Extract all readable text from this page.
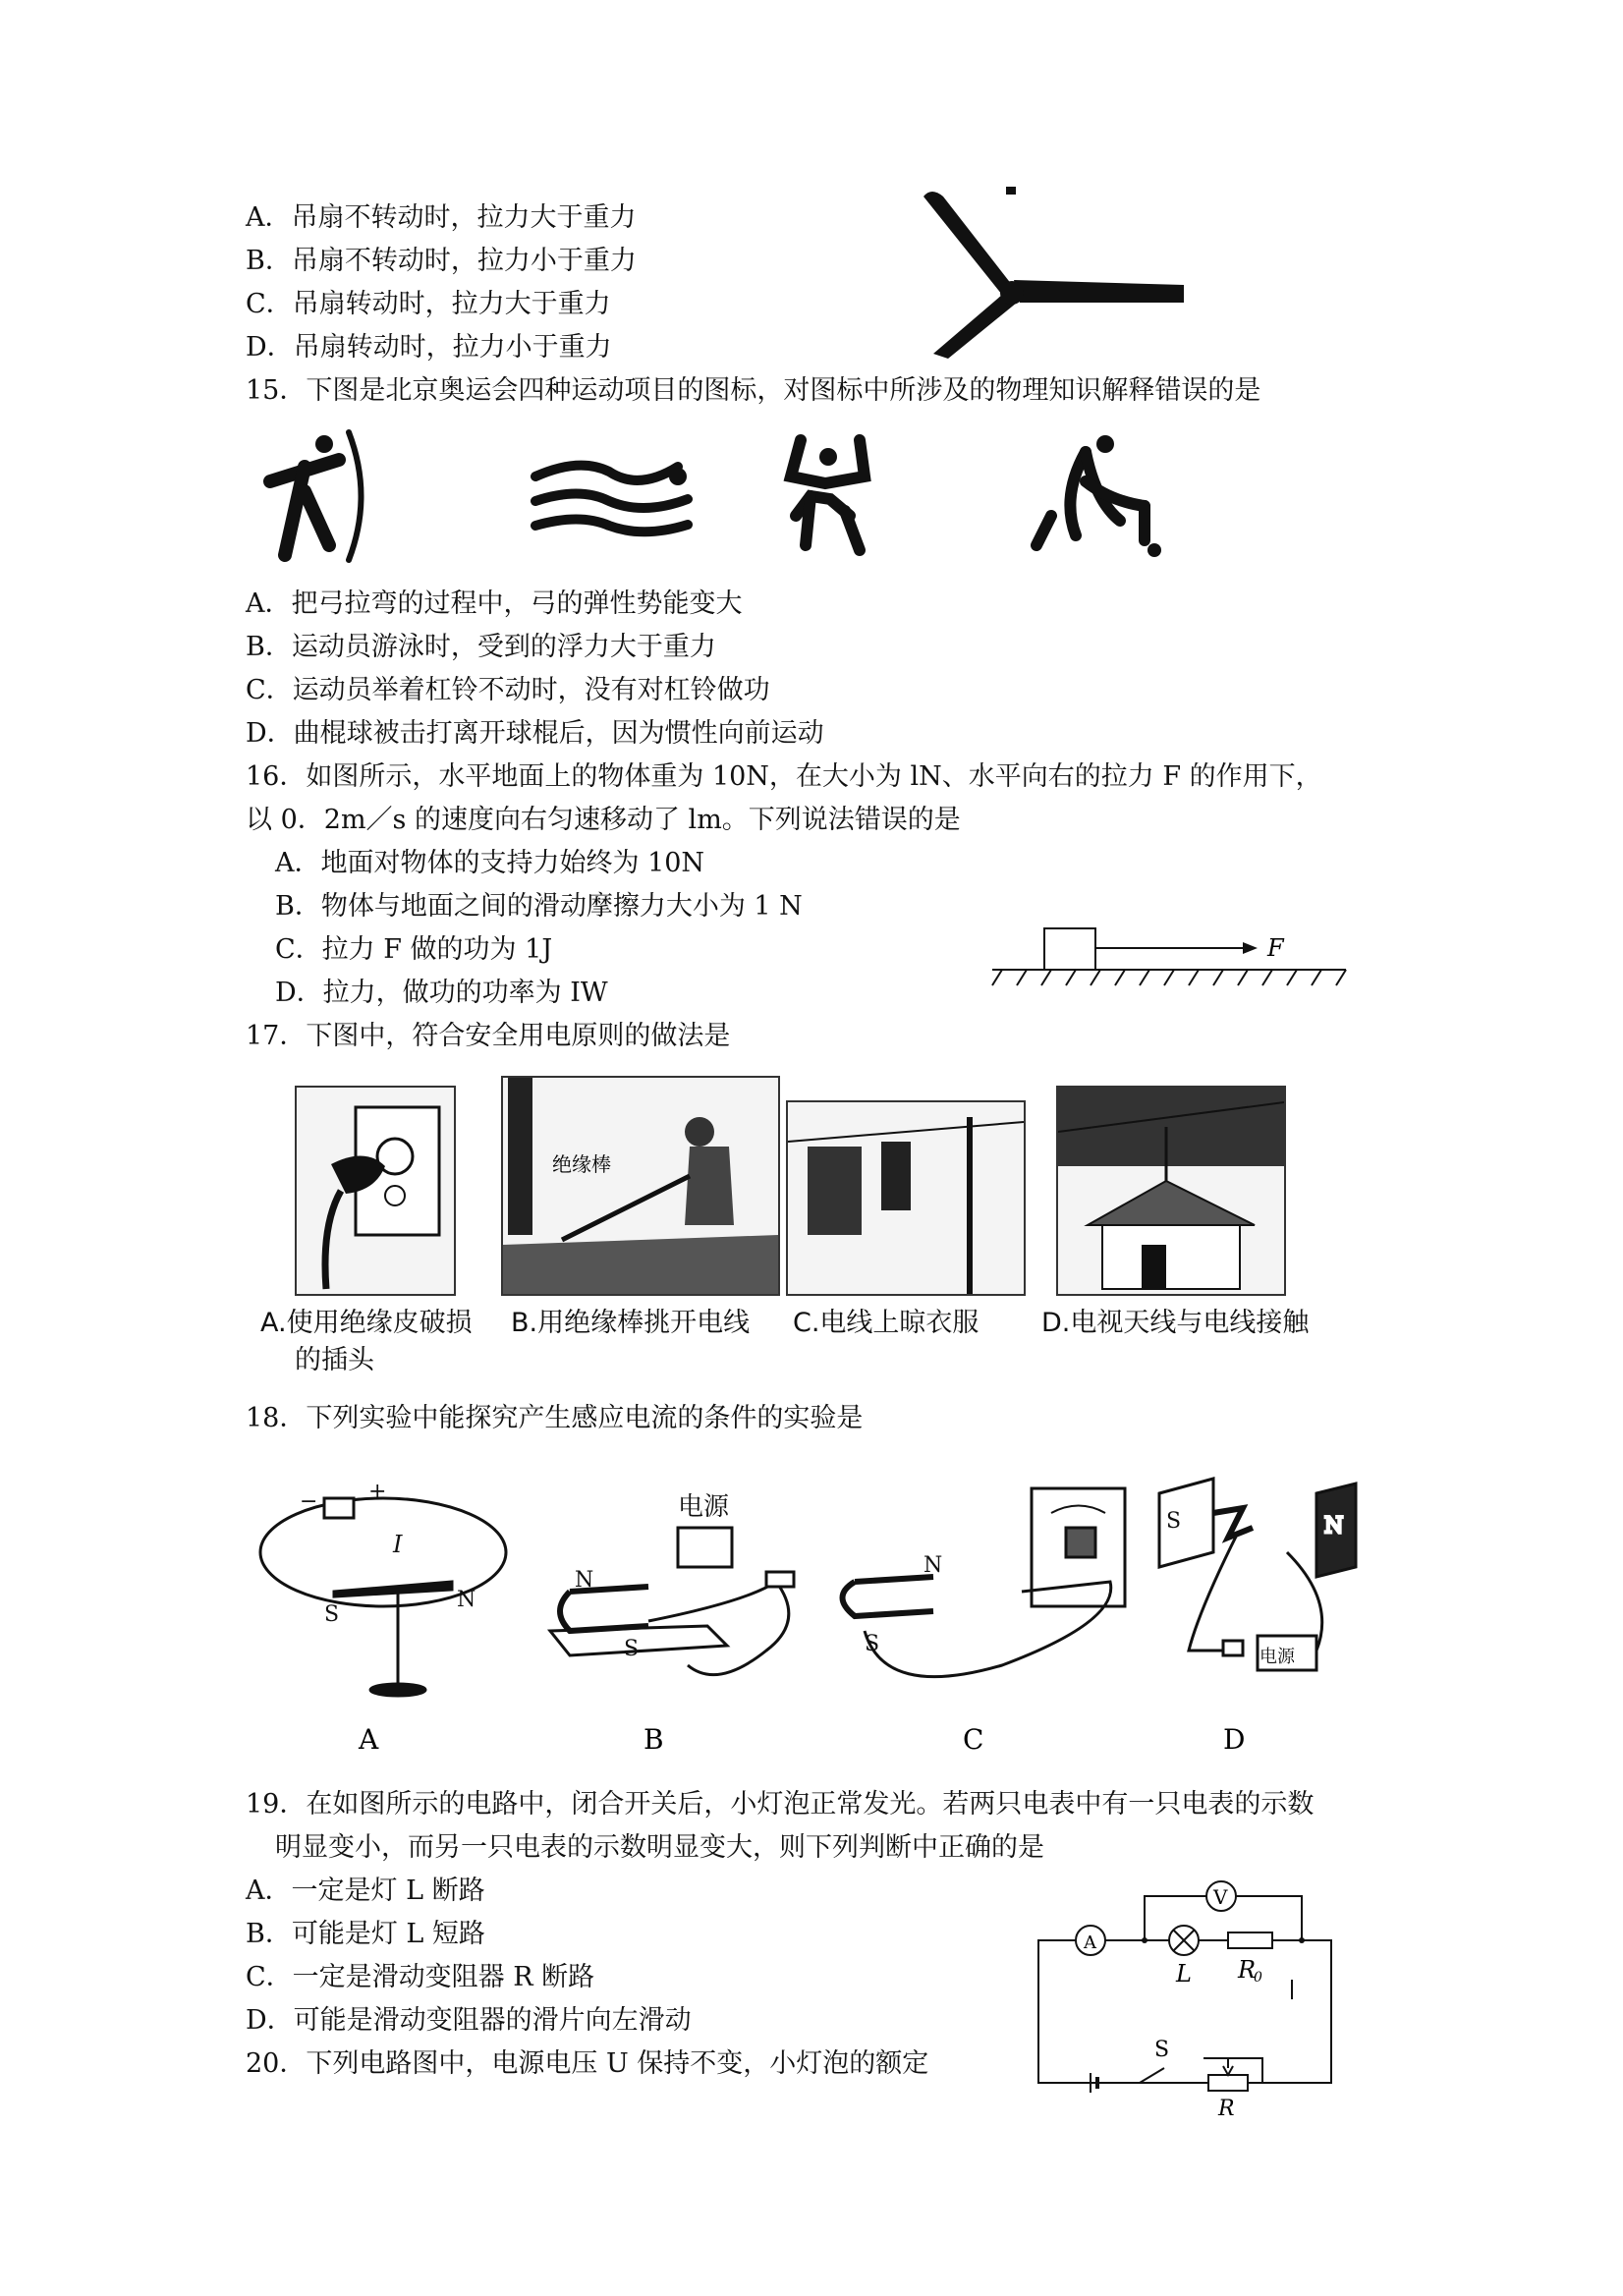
A．吊扇不转动时，拉力大于重力
B．吊扇不转动时，拉力小于重力
C．吊扇转动时，拉力大于重力
D．吊扇转动时，拉力小于重力
15．下图是北京奥运会四种运动项目的图标，对图标中所涉及的物理知识解释错误的是
A．把弓拉弯的过程中，弓的弹性势能变大
B．运动员游泳时，受到的浮力大于重力
C．运动员举着杠铃不动时，没有对杠铃做功
D．曲棍球被击打离开球棍后，因为惯性向前运动
16．如图所示，水平地面上的物体重为 10N，在大小为 lN、水平向右的拉力 F 的作用下，
以 0．2m／s 的速度向右匀速移动了 lm。下列说法错误的是
A．地面对物体的支持力始终为 10N
B．物体与地面之间的滑动摩擦力大小为 1 N
C．拉力 F 做的功为 1J
D．拉力，做功的功率为 IW
F
17．下图中，符合安全用电原则的做法是
绝缘棒
A.使用绝缘皮破损
的插头
B.用绝缘棒挑开电线 C.电线上晾衣服 D.电视天线与电线接触
18．下列实验中能探究产生感应电流的条件的实验是
+
−
I
S
N
A
N
S
电源
B
N
S
C
S	N
电源
D
19．在如图所示的电路中，闭合开关后，小灯泡正常发光。若两只电表中有一只电表的示数
明显变小，而另一只电表的示数明显变大，则下列判断中正确的是
A．一定是灯 L 断路
B．可能是灯 L 短路
C．一定是滑动变阻器 R 断路
D．可能是滑动变阻器的滑片向左滑动
V
A
L R
0
S
R
20．下列电路图中，电源电压 U 保持不变，小灯泡的额定
